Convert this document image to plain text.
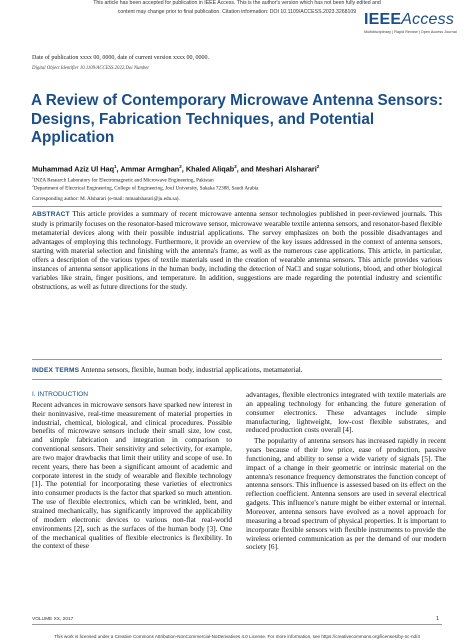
This article has been accepted for publication in IEEE Access. This is the author's version which has not been fully edited and
content may change prior to final publication. Citation information: DOI 10.1109/ACCESS.2023.3268109 IEEEAccess
Multidisciplinary | Rapid Review | Open Access Journal
Date of publication xxxx 00, 0000, date of current version xxxx 00, 0000.
Digital Object Identifier 10.1109/ACCESS.2022.Doi Number
A Review of Contemporary Microwave Antenna Sensors: Designs, Fabrication Techniques, and Potential Application
Muhammad Aziz Ul Haq$^1$, Ammar Armghan$^2$, Khaled Aliqab$^2$, and Meshari Alsharari$^2$
$^1$INZA Research Laboratory for Electromagnetic and Microwave Engineering, Pakistan
$^2$Department of Electrical Engineering, College of Engineering, Jouf University, Sakaka 72388, Saudi Arabia
Corresponding author: M. Alsharari (e-mail: mmaalsharari@ju.edu.sa).
ABSTRACT This article provides a summary of recent microwave antenna sensor technologies published in peer-reviewed journals. This study is primarily focuses on the resonator-based microwave sensor, microwave wearable textile antenna sensors, and resonator-based flexible metamaterial devices along with their possible industrial applications. The survey emphasizes on both the possible disadvantages and advantages of employing this technology. Furthermore, it provide an overview of the key issues addressed in the context of antenna sensors, starting with material selection and finishing with the antenna's frame, as well as the numerous case applications. This article, in particular, offers a description of the various types of textile materials used in the creation of wearable antenna sensors. This article provides various instances of antenna sensor applications in the human body, including the detection of NaCl and sugar solutions, blood, and other biological variables like strain, finger positions, and temperature. In addition, suggestions are made regarding the potential industry and scientific obstructions, as well as future directions for the study.
INDEX TERMS Antenna sensors, flexible, human body, industrial applications, metamaterial.
I. INTRODUCTION

Recent advances in microwave sensors have sparked new interest in their noninvasive, real-time measurement of material properties in industrial, chemical, biological, and clinical procedures. Possible benefits of microwave sensors include their small size, low cost, and simple fabrication and integration in comparison to conventional sensors. Their sensitivity and selectivity, for example, are two major drawbacks that limit their utility and scope of use. In recent years, there has been a significant amount of academic and corporate interest in the study of wearable and flexible technology [1]. The potential for incorporating these varieties of electronics into consumer products is the factor that sparked so much attention. The use of flexible electronics, which can be wrinkled, bent, and strained mechanically, has significantly improved the applicability of modern electronic devices to various non-flat real-world environments [2], such as the surfaces of the human body [3]. One of the mechanical qualities of flexible electronics is flexibility. In the context of these

advantages, flexible electronics integrated with textile materials are an appealing technology for enhancing the future generation of consumer electronics. These advantages include simple manufacturing, lightweight, low-cost flexible substrates, and reduced production costs overall [4].

The popularity of antenna sensors has increased rapidly in recent years because of their low price, ease of production, passive functioning, and ability to sense a wide variety of signals [5]. The impact of a change in their geometric or intrinsic material on the antenna's resonance frequency demonstrates the function concept of antenna sensors. This influence is assessed based on its effect on the reflection coefficient. Antenna sensors are used in several electrical gadgets. This influence's nature might be either external or internal. Moreover, antenna sensors have evolved as a novel approach for measuring a broad spectrum of physical properties. It is important to incorporate flexible sensors with flexible instruments to provide the wireless oriented communication as per the demand of our modern society [6].

VOLUME XX, 2017	1
This work is licensed under a Creative Commons Attribution-NonCommercial-NoDerivatives 4.0 License. For more information, see https://creativecommons.org/licenses/by-nc-nd/4
